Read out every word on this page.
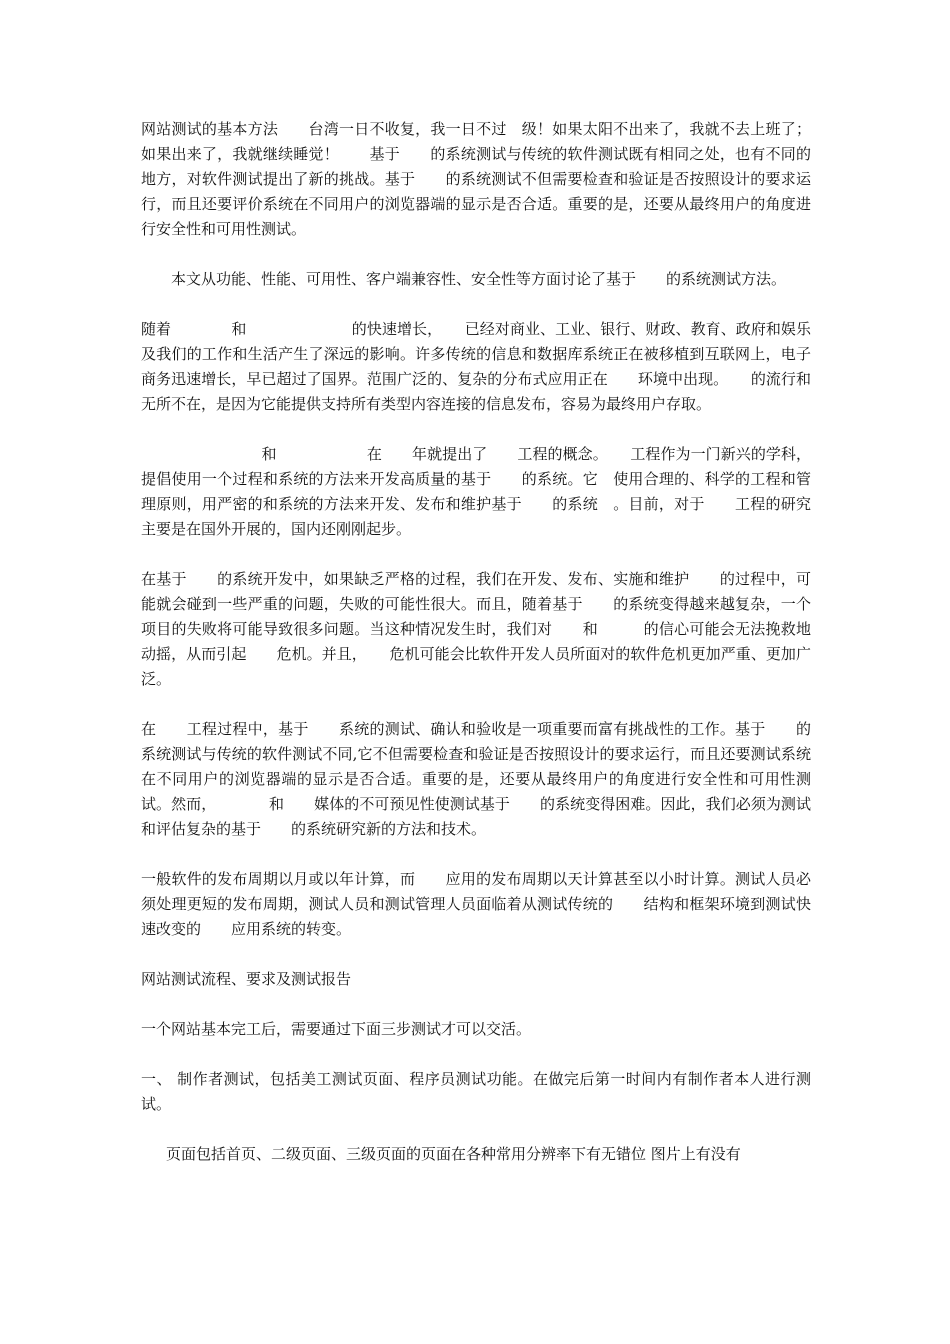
网站测试的基本方法　　台湾一日不收复，我一日不过　级！如果太阳不出来了，我就不去上班了；如果出来了，我就继续睡觉！　　基于　　的系统测试与传统的软件测试既有相同之处，也有不同的地方，对软件测试提出了新的挑战。基于　　的系统测试不但需要检查和验证是否按照设计的要求运行，而且还要评价系统在不同用户的浏览器端的显示是否合适。重要的是，还要从最终用户的角度进行安全性和可用性测试。

本文从功能、性能、可用性、客户端兼容性、安全性等方面讨论了基于　　的系统测试方法。

随着　　　　和　　　　　　　的快速增长，　　已经对商业、工业、银行、财政、教育、政府和娱乐及我们的工作和生活产生了深远的影响。许多传统的信息和数据库系统正在被移植到互联网上，电子商务迅速增长，早已超过了国界。范围广泛的、复杂的分布式应用正在　　环境中出现。　　的流行和无所不在，是因为它能提供支持所有类型内容连接的信息发布，容易为最终用户存取。

　　　　　　　　和　　　　　　在　　年就提出了　　工程的概念。　　工程作为一门新兴的学科，提倡使用一个过程和系统的方法来开发高质量的基于　　的系统。它　使用合理的、科学的工程和管理原则，用严密的和系统的方法来开发、发布和维护基于　　的系统　。目前，对于　　工程的研究主要是在国外开展的，国内还刚刚起步。

在基于　　的系统开发中，如果缺乏严格的过程，我们在开发、发布、实施和维护　　的过程中，可能就会碰到一些严重的问题，失败的可能性很大。而且，随着基于　　的系统变得越来越复杂，一个项目的失败将可能导致很多问题。当这种情况发生时，我们对　　和　　　的信心可能会无法挽救地动摇，从而引起　　危机。并且，　　危机可能会比软件开发人员所面对的软件危机更加严重、更加广泛。

在　　工程过程中，基于　　系统的测试、确认和验收是一项重要而富有挑战性的工作。基于　　的系统测试与传统的软件测试不同,它不但需要检查和验证是否按照设计的要求运行，而且还要测试系统在不同用户的浏览器端的显示是否合适。重要的是，还要从最终用户的角度进行安全性和可用性测试。然而，　　　　和　　媒体的不可预见性使测试基于　　的系统变得困难。因此，我们必须为测试和评估复杂的基于　　的系统研究新的方法和技术。

一般软件的发布周期以月或以年计算，而　　应用的发布周期以天计算甚至以小时计算。测试人员必须处理更短的发布周期，测试人员和测试管理人员面临着从测试传统的　　结构和框架环境到测试快速改变的　　应用系统的转变。

网站测试流程、要求及测试报告

一个网站基本完工后，需要通过下面三步测试才可以交活。

一、 制作者测试，包括美工测试页面、程序员测试功能。在做完后第一时间内有制作者本人进行测试。

页面包括首页、二级页面、三级页面的页面在各种常用分辨率下有无错位 图片上有没有
